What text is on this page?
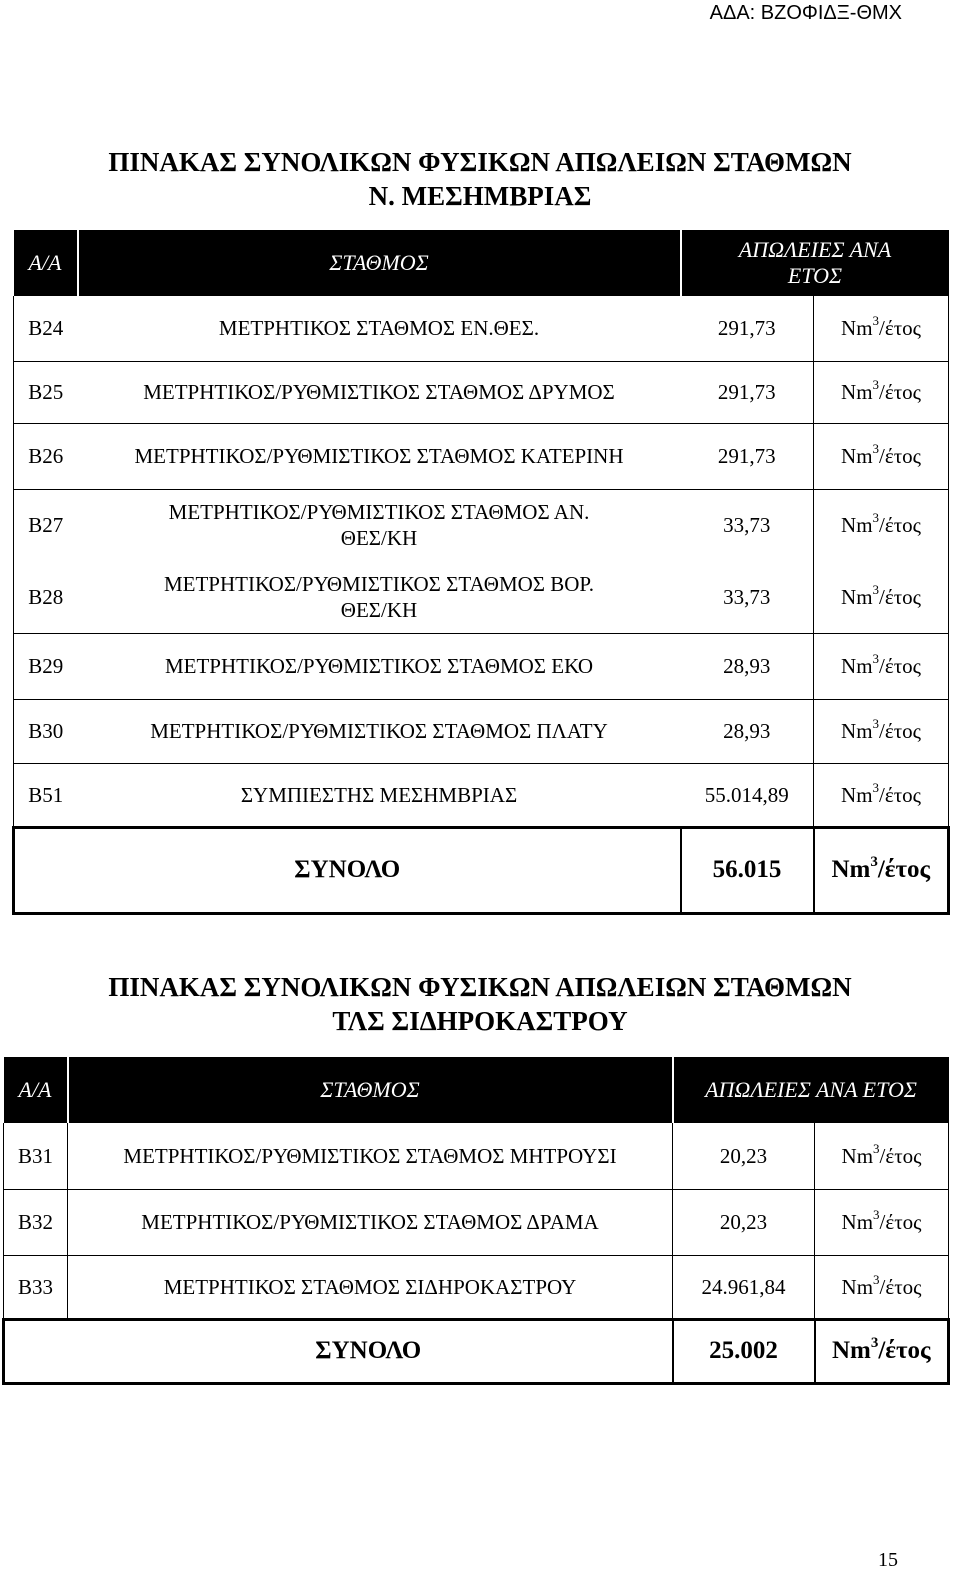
ΑΔΑ: ΒΖΟΦΙΔΞ-ΘΜΧ
ΠΙΝΑΚΑΣ ΣΥΝΟΛΙΚΩΝ ΦΥΣΙΚΩΝ ΑΠΩΛΕΙΩΝ ΣΤΑΘΜΩΝ
Ν. ΜΕΣΗΜΒΡΙΑΣ
Α/Α	ΣΤΑΘΜΟΣ	ΑΠΩΛΕΙΕΣ ΑΝΑ
ΕΤΟΣ	

Β24	ΜΕΤΡΗΤΙΚΟΣ ΣΤΑΘΜΟΣ ΕΝ.ΘΕΣ.	291,73	Nm$^3$/έτος
Β25	ΜΕΤΡΗΤΙΚΟΣ/ΡΥΘΜΙΣΤΙΚΟΣ ΣΤΑΘΜΟΣ ΔΡΥΜΟΣ	291,73	Nm$^3$/έτος
Β26	ΜΕΤΡΗΤΙΚΟΣ/ΡΥΘΜΙΣΤΙΚΟΣ ΣΤΑΘΜΟΣ ΚΑΤΕΡΙΝΗ	291,73	Nm$^3$/έτος
Β27	ΜΕΤΡΗΤΙΚΟΣ/ΡΥΘΜΙΣΤΙΚΟΣ ΣΤΑΘΜΟΣ ΑΝ.
ΘΕΣ/ΚΗ	33,73	Nm$^3$/έτος
Β28	ΜΕΤΡΗΤΙΚΟΣ/ΡΥΘΜΙΣΤΙΚΟΣ ΣΤΑΘΜΟΣ ΒΟΡ.
ΘΕΣ/ΚΗ	33,73	Nm$^3$/έτος
Β29	ΜΕΤΡΗΤΙΚΟΣ/ΡΥΘΜΙΣΤΙΚΟΣ ΣΤΑΘΜΟΣ ΕΚΟ	28,93	Nm$^3$/έτος
Β30	ΜΕΤΡΗΤΙΚΟΣ/ΡΥΘΜΙΣΤΙΚΟΣ ΣΤΑΘΜΟΣ ΠΛΑΤΥ	28,93	Nm$^3$/έτος
Β51	ΣΥΜΠΙΕΣΤΗΣ ΜΕΣΗΜΒΡΙΑΣ	55.014,89	Nm$^3$/έτος
ΣΥΝΟΛΟ		56.015	Nm$^3$/έτος
ΠΙΝΑΚΑΣ ΣΥΝΟΛΙΚΩΝ ΦΥΣΙΚΩΝ ΑΠΩΛΕΙΩΝ ΣΤΑΘΜΩΝ
ΤΛΣ ΣΙΔΗΡΟΚΑΣΤΡΟΥ
Α/Α	ΣΤΑΘΜΟΣ	ΑΠΩΛΕΙΕΣ ΑΝΑ ΕΤΟΣ	
Β31	ΜΕΤΡΗΤΙΚΟΣ/ΡΥΘΜΙΣΤΙΚΟΣ ΣΤΑΘΜΟΣ ΜΗΤΡΟΥΣΙ	20,23	Nm$^3$/έτος
Β32	ΜΕΤΡΗΤΙΚΟΣ/ΡΥΘΜΙΣΤΙΚΟΣ ΣΤΑΘΜΟΣ ΔΡΑΜΑ	20,23	Nm$^3$/έτος
Β33	ΜΕΤΡΗΤΙΚΟΣ ΣΤΑΘΜΟΣ ΣΙΔΗΡΟΚΑΣΤΡΟΥ	24.961,84	Nm$^3$/έτος
ΣΥΝΟΛΟ		25.002	Nm$^3$/έτος
15
